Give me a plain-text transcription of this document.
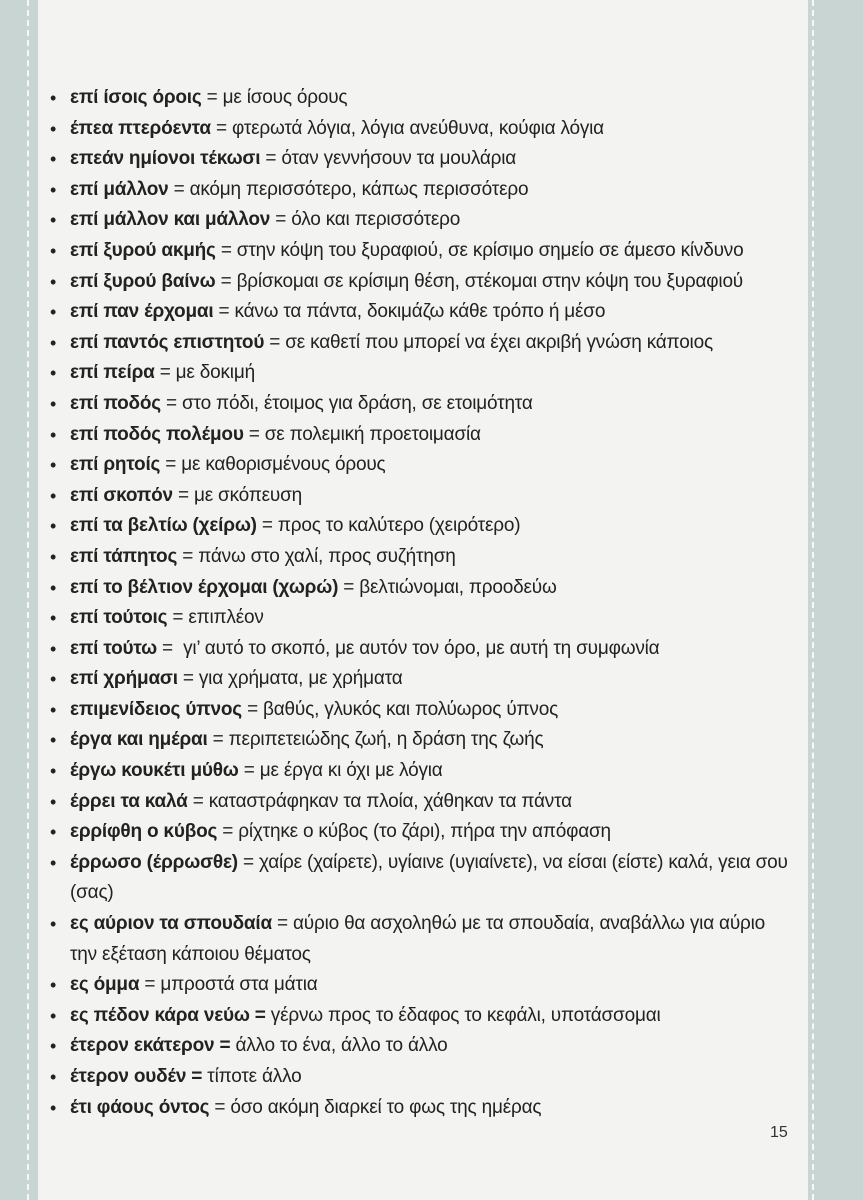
• επί ίσοις όροις = με ίσους όρους
• έπεα πτερόεντα = φτερωτά λόγια, λόγια ανεύθυνα, κούφια λόγια
• επεάν ημίονοι τέκωσι = όταν γεννήσουν τα μουλάρια
• επί μάλλον = ακόμη περισσότερο, κάπως περισσότερο
• επί μάλλον και μάλλον = όλο και περισσότερο
• επί ξυρού ακμής = στην κόψη του ξυραφιού, σε κρίσιμο σημείο σε άμεσο κίνδυνο
• επί ξυρού βαίνω = βρίσκομαι σε κρίσιμη θέση, στέκομαι στην κόψη του ξυραφιού
• επί παν έρχομαι = κάνω τα πάντα, δοκιμάζω κάθε τρόπο ή μέσο
• επί παντός επιστητού = σε καθετί που μπορεί να έχει ακριβή γνώση κάποιος
• επί πείρα = με δοκιμή
• επί ποδός = στο πόδι, έτοιμος για δράση, σε ετοιμότητα
• επί ποδός πολέμου = σε πολεμική προετοιμασία
• επί ρητοίς = με καθορισμένους όρους
• επί σκοπόν = με σκόπευση
• επί τα βελτίω (χείρω) = προς το καλύτερο (χειρότερο)
• επί τάπητος = πάνω στο χαλί, προς συζήτηση
• επί το βέλτιον έρχομαι (χωρώ) = βελτιώνομαι, προοδεύω
• επί τούτοις = επιπλέον
• επί τούτω =  γι’ αυτό το σκοπό, με αυτόν τον όρο, με αυτή τη συμφωνία
• επί χρήμασι = για χρήματα, με χρήματα
• επιμενίδειος ύπνος = βαθύς, γλυκός και πολύωρος ύπνος
• έργα και ημέραι = περιπετειώδης ζωή, η δράση της ζωής
• έργω κουκέτι μύθω = με έργα κι όχι με λόγια
• έρρει τα καλά = καταστράφηκαν τα πλοία, χάθηκαν τα πάντα
• ερρίφθη ο κύβος = ρίχτηκε ο κύβος (το ζάρι), πήρα την απόφαση
• έρρωσο (έρρωσθε) = χαίρε (χαίρετε), υγίαινε (υγιαίνετε), να είσαι (είστε) καλά, γεια σου (σας)
• ες αύριον τα σπουδαία = αύριο θα ασχοληθώ με τα σπουδαία, αναβάλλω για αύριο την εξέταση κάποιου θέματος
• ες όμμα = μπροστά στα μάτια
• ες πέδον κάρα νεύω = γέρνω προς το έδαφος το κεφάλι, υποτάσσομαι
• έτερον εκάτερον = άλλο το ένα, άλλο το άλλο
• έτερον ουδέν = τίποτε άλλο
• έτι φάους όντος = όσο ακόμη διαρκεί το φως της ημέρας
15
